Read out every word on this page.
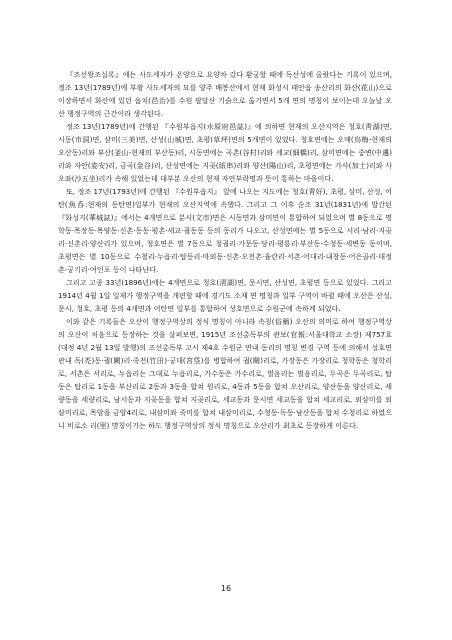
『조선왕조실록』에는 사도세자가 온양으로 요양차 갔다 환궁할 때에 독산성에 올랐다는 기록이 있으며, 정조 13년(1789년)에 부왕 사도세자의 묘를 양주 배봉산에서 현재 화성시 태안읍 송산리의 화산(花山)으로 이장하면서 화산에 있던 읍치(邑治)를 수원 팔달산 기슭으로 옮기면서 5개 면의 명칭이 보이는데 오늘날 오산 행정구역의 근간이라 생각된다.

정조 13년(1789년)에 간행된 『수원부읍지(水原府邑誌)』에 의하면 현재의 오산지역은 청호(靑湖)면, 시동(市洞)면, 삼미(三美)면, 산성(山城)면, 초평(草坪)면의 5개면이 있었다. 청호면에는 오매(烏梅-현재의 오산동)리와 부산(釜山-현재의 부산동)리, 시동면에는 곡촌(谷村)리와 세교(細橋)리, 삼미면에는 중변(中邊)리와 자안(姿安)리, 금곡(金谷)리, 산성면에는 지곶(紙串)리와 양산(陽山)리, 초평면에는 가사(加士)리와 사오좌(沙五坐)리가 속해 있었는데 대부분 오산의 현재 자연부락명과 뜻이 통하는 마을이다.

또, 정조 17년(1793년)에 간행된 『수원부읍지』 앞에 나오는 지도에는 청호(靑好), 초평, 삼미, 산성, 어탄(魚呑:현재의 동탄면)일부가 현재의 오산지역에 속했다. 그리고 그 이후 순조 31년(1831년)에 발간된 『화성지(華城誌)』에서는 4개면으로 분시(文市)면은 시동면과 삼미면이 통합하여 되었으며 별 8동으로 명학동·목장동·목양동·신촌·동동·평촌·세교·궐동동 등의 동리가 나오고, 산성면에는 별 5동으로 서리·남리·지곶리·신촌리·양산리가 있으며, 청호면은 별 7동으로 청궐리·가문동·당리·평룡리·부산동·수청동·세변동 동이며, 초평면은 별 10동으로 수철리·누읍리·탑동리·마외동·신촌·오전촌·율란리·서촌·어대리·내창동·어은골리·대정촌·궁기리·여인포 등이 나타난다.

그리고 고종 33년(1896년)에는 4개면으로 청호(淸湖)면, 문시면, 산성면, 초평면 등으로 있었다. 그리고 1914년 4월 1일 일제가 행정구역을 개편할 때에 경기도 소재 면 명칭과 일부 구역이 바뀔 때에 오산은 산성, 문시, 청호, 초평 등의 4개면과 어탄면 일부를 통합하여 성호면으로 수원군에 속하게 되었다.

이와 같은 기록들은 오산이 행정구역상의 정식 명칭이 아니라 속칭(俗稱) 오산의 의미로 하여 행정구역상의 오산이 처음으로 등장하는 것을 살펴보면, 1915년 조선총독부의 관보(官報:서울대학교 소장) 제757호(대정 4년 2월 13일 발행)의 조선총독부 고시 제4호 수원군 면내 동리의 명칭 변경 구역 등에 의해서 성호면 관내 독(禿)동·궐(闕)리·죽전(竹田)·궁대(宮垈)를 병합하여 궐(闕)리로, 가장동은 가장리로 청학동은 청학리로, 서촌은 서리로, 누읍리는 그대로 누읍리로, 가수동은 가수리로, 벌음리는 벌음리로, 두곡은 두곡리로, 탑동은 탑리로 1동을 부산리로 2동과 3동을 합쳐 원리로, 4동과 5동을 합쳐 오산리로, 양산동을 양산리로, 세량동을 세량리로, 남서동과 지곶동을 합쳐 지곶리로, 세교동과 문시면 세교동을 합쳐 세교리로, 외삼미를 외삼미리로, 목암을 금암4리로, 내삼미와 죽미를 합쳐 내삼미리로, 수청동·독동·남산동을 합쳐 수청리로 하였으니 비로소 리(里) 명칭이기는 하도 행정구역상의 정식 명칭으로 오산리가 최초로 등장하게 이른다.

16
